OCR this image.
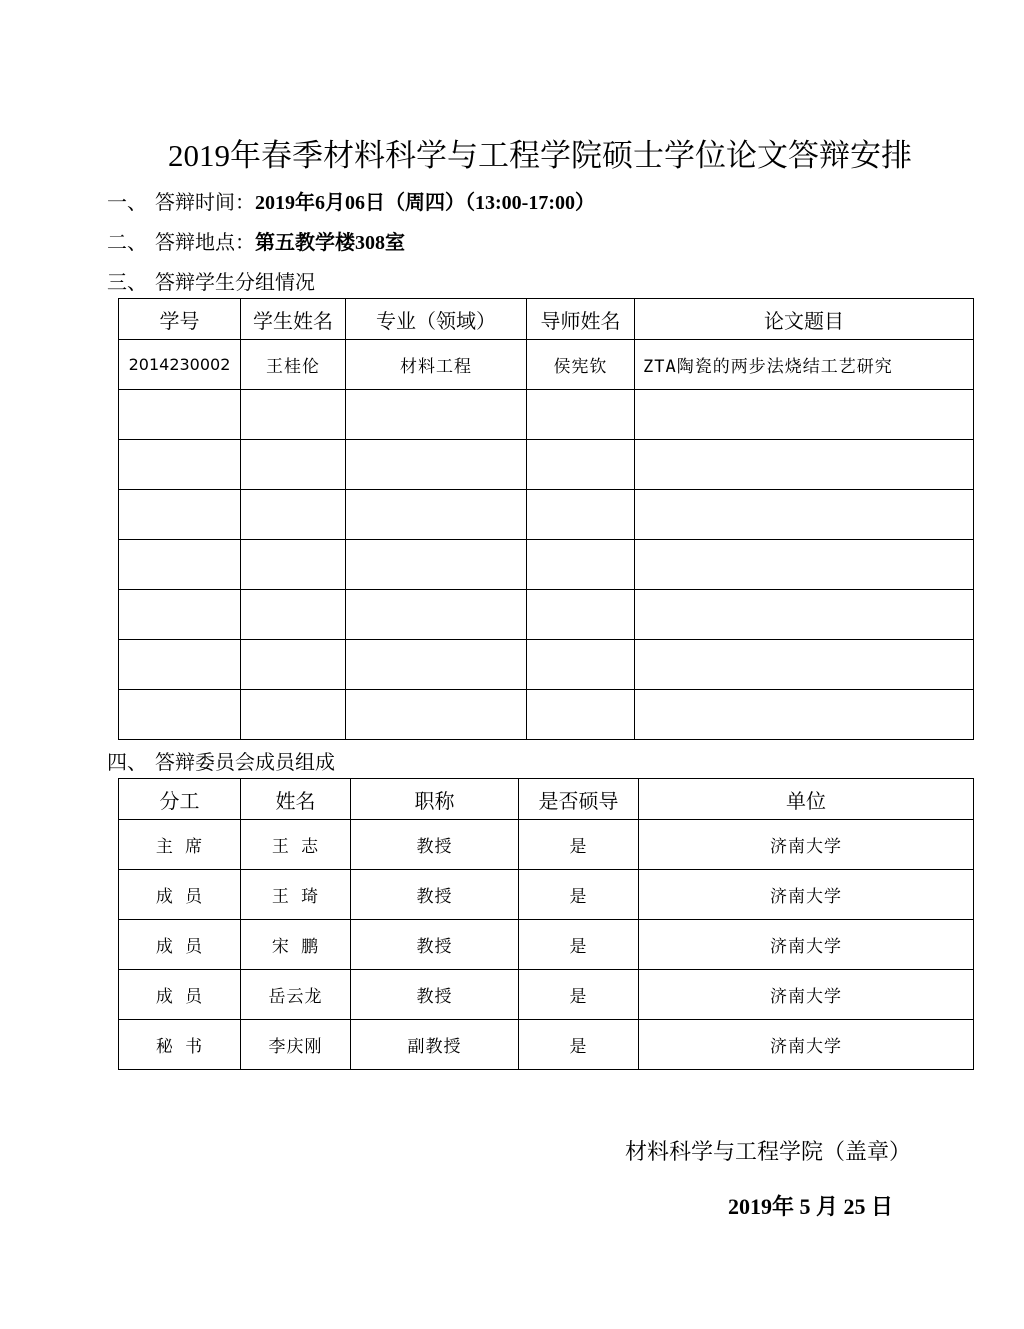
2019年春季材料科学与工程学院硕士学位论文答辩安排
一、 答辩时间：2019年6月06日（周四）（13:00-17:00）
二、 答辩地点：第五教学楼308室
三、 答辩学生分组情况
学号	学生姓名	专业（领域）	导师姓名	论文题目
2014230002	王桂伦	材料工程	侯宪钦	ZTA陶瓷的两步法烧结工艺研究

四、 答辩委员会成员组成
分工	姓名	职称	是否硕导	单位
主 席	王 志	教授	是	济南大学
成 员	王 琦	教授	是	济南大学
成 员	宋 鹏	教授	是	济南大学
成 员	岳云龙	教授	是	济南大学
秘 书	李庆刚	副教授	是	济南大学
材料科学与工程学院（盖章）
2019年 5 月 25 日
